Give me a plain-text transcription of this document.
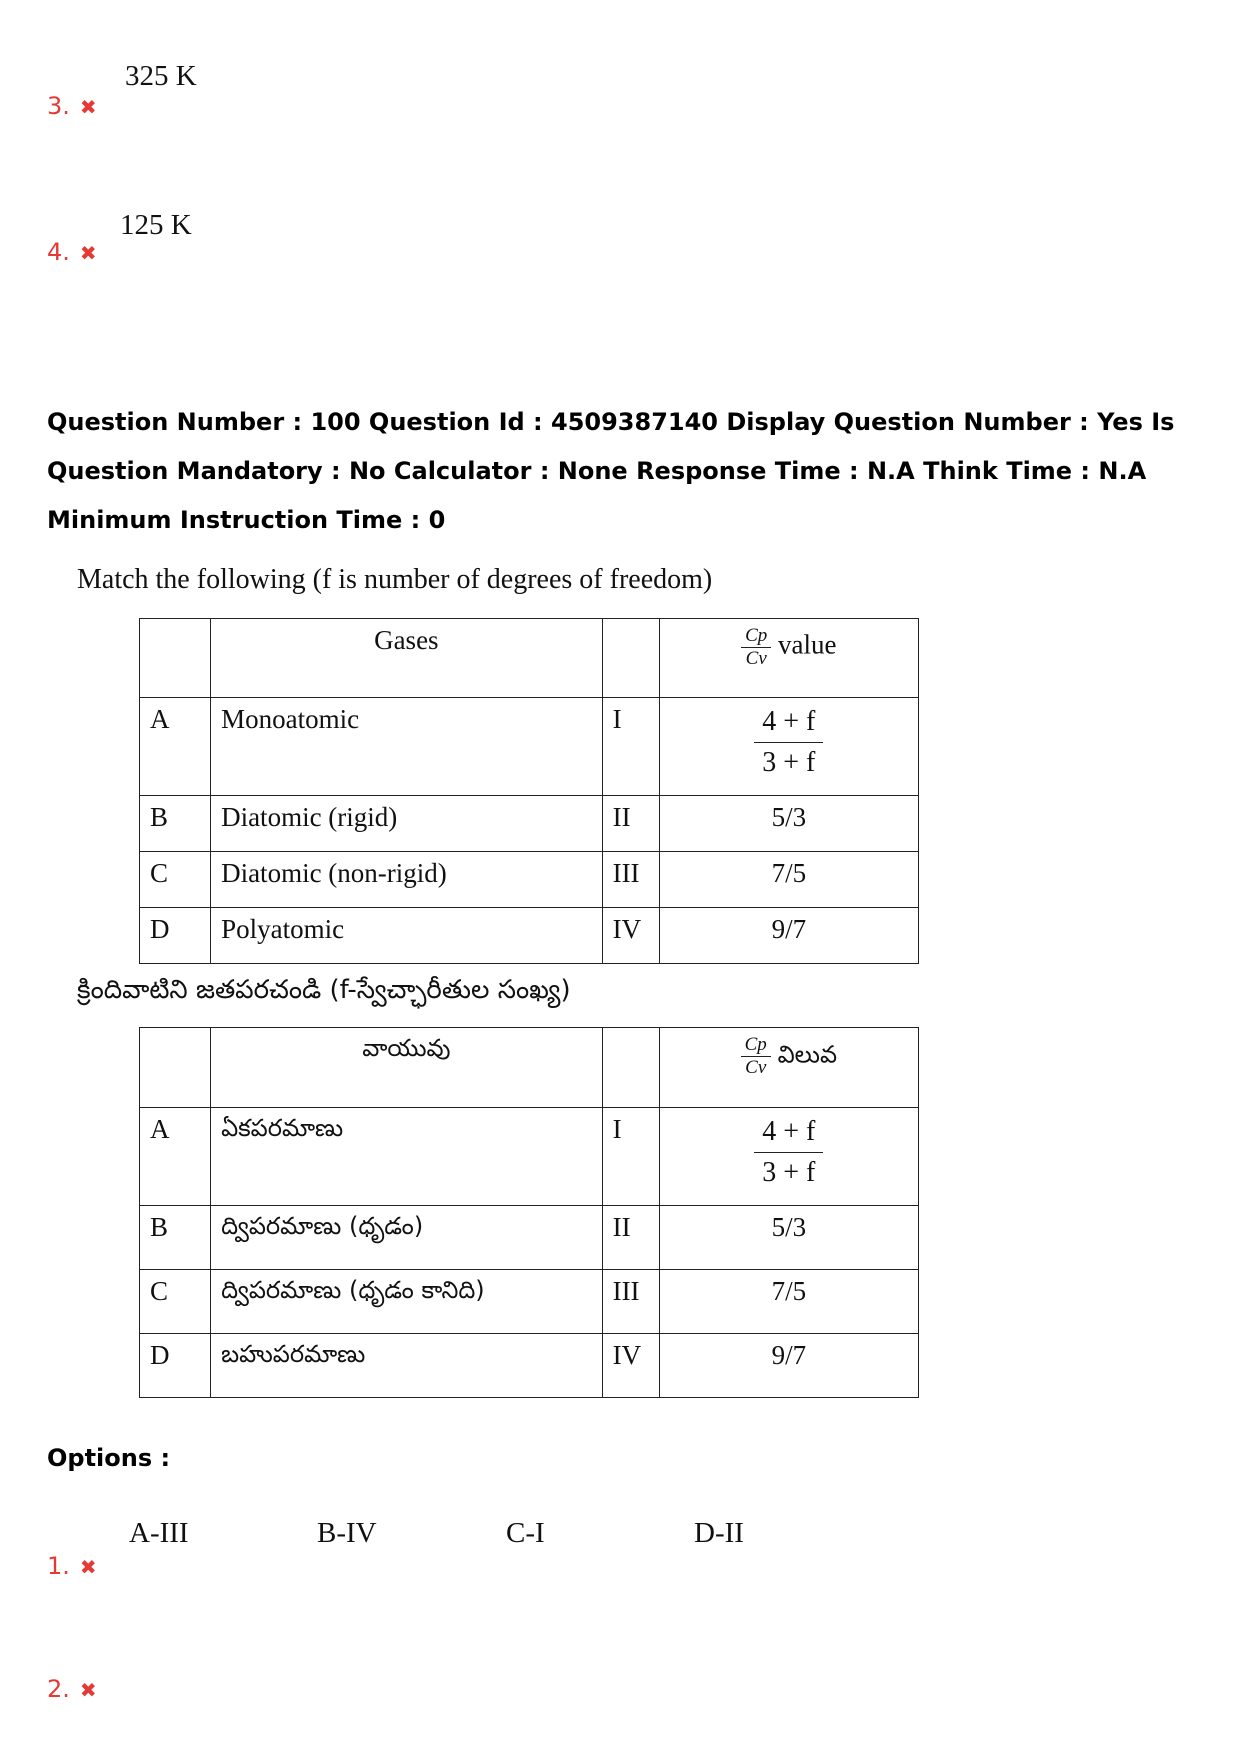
325 K
3. ✖
125 K
4. ✖
Question Number : 100 Question Id : 4509387140 Display Question Number : Yes Is Question Mandatory : No Calculator : None Response Time : N.A Think Time : N.A Minimum Instruction Time : 0
Match the following (f is number of degrees of freedom)
	Gases		$\frac{Cp}{Cv}$ value
A	Monoatomic	I	$\frac{4 + f}{3 + f}$

B	Diatomic (rigid)	II	5/3
C	Diatomic (non-rigid)	III	7/5
D	Polyatomic	IV	9/7
క్రిందివాటిని జతపరచండి (f-స్వేచ్ఛారీతుల సంఖ్య)
	వాయువు		$\frac{Cp}{Cv}$ విలువ
A	ఏకపరమాణు	I	$\frac{4 + f}{3 + f}$

B	ద్విపరమాణు (ధృడం)	II	5/3
C	ద్విపరమాణు (ధృడం కానిది)	III	7/5
D	బహుపరమాణు	IV	9/7
Options :
A-III	B-IV	C-I	D-II
1. ✖
2. ✖
